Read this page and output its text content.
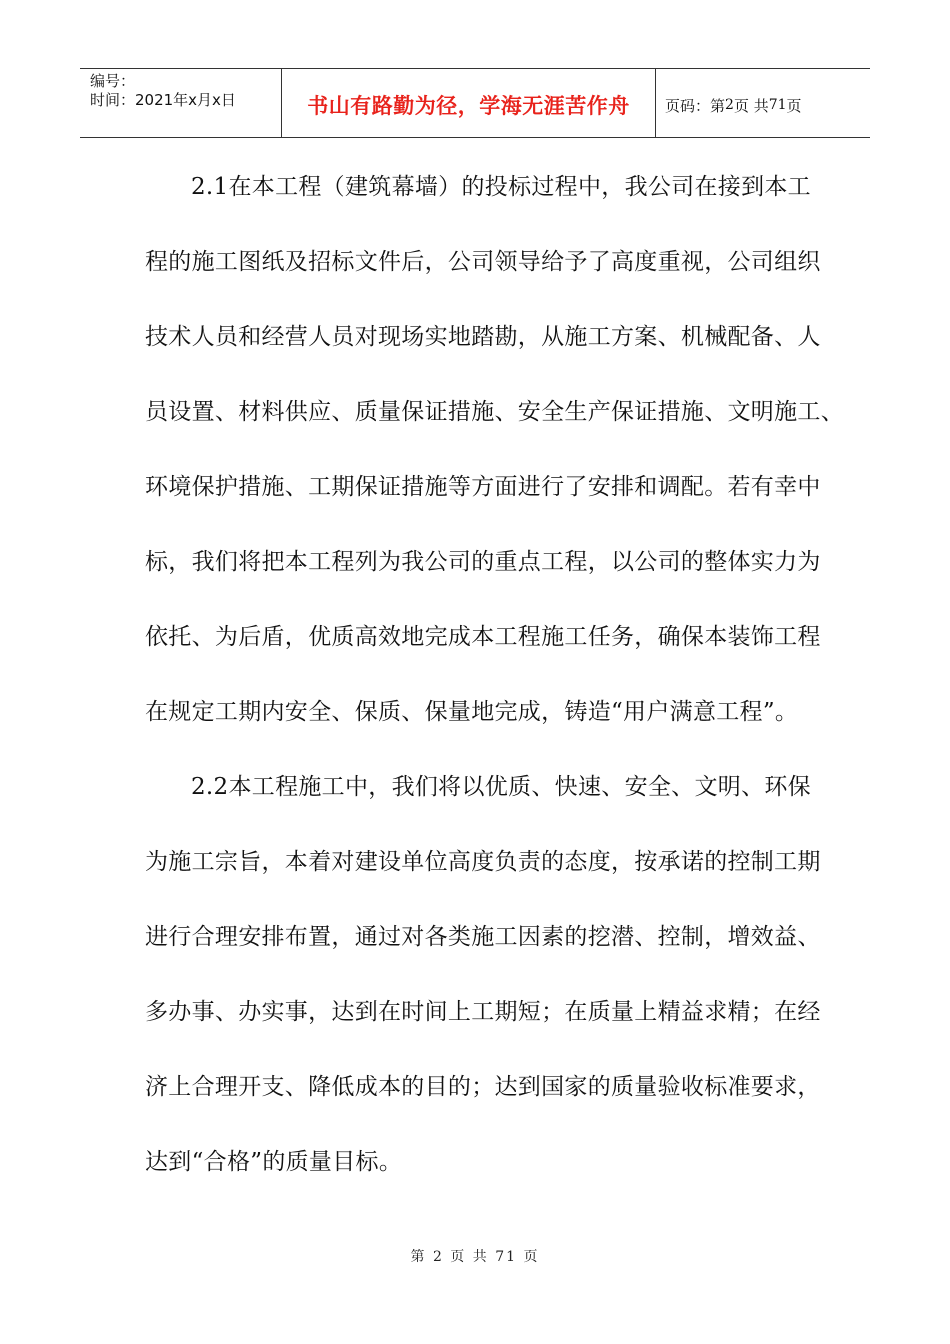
编号：
时间：2021年x月x日	书山有路勤为径，学海无涯苦作舟 页码：第 2 页 共 71 页
2.1在本工程（建筑幕墙）的投标过程中，我公司在接到本工
程的施工图纸及招标文件后，公司领导给予了高度重视，公司组织
技术人员和经营人员对现场实地踏勘，从施工方案、机械配备、人
员设置、材料供应、质量保证措施、安全生产保证措施、文明施工、
环境保护措施、工期保证措施等方面进行了安排和调配。若有幸中
标，我们将把本工程列为我公司的重点工程，以公司的整体实力为
依托、为后盾，优质高效地完成本工程施工任务，确保本装饰工程
在规定工期内安全、保质、保量地完成，铸造“用户满意工程”。
2.2本工程施工中，我们将以优质、快速、安全、文明、环保
为施工宗旨，本着对建设单位高度负责的态度，按承诺的控制工期
进行合理安排布置，通过对各类施工因素的挖潜、控制，增效益、
多办事、办实事，达到在时间上工期短；在质量上精益求精；在经
济上合理开支、降低成本的目的；达到国家的质量验收标准要求，
达到“合格”的质量目标。
第 2 页 共 71 页
